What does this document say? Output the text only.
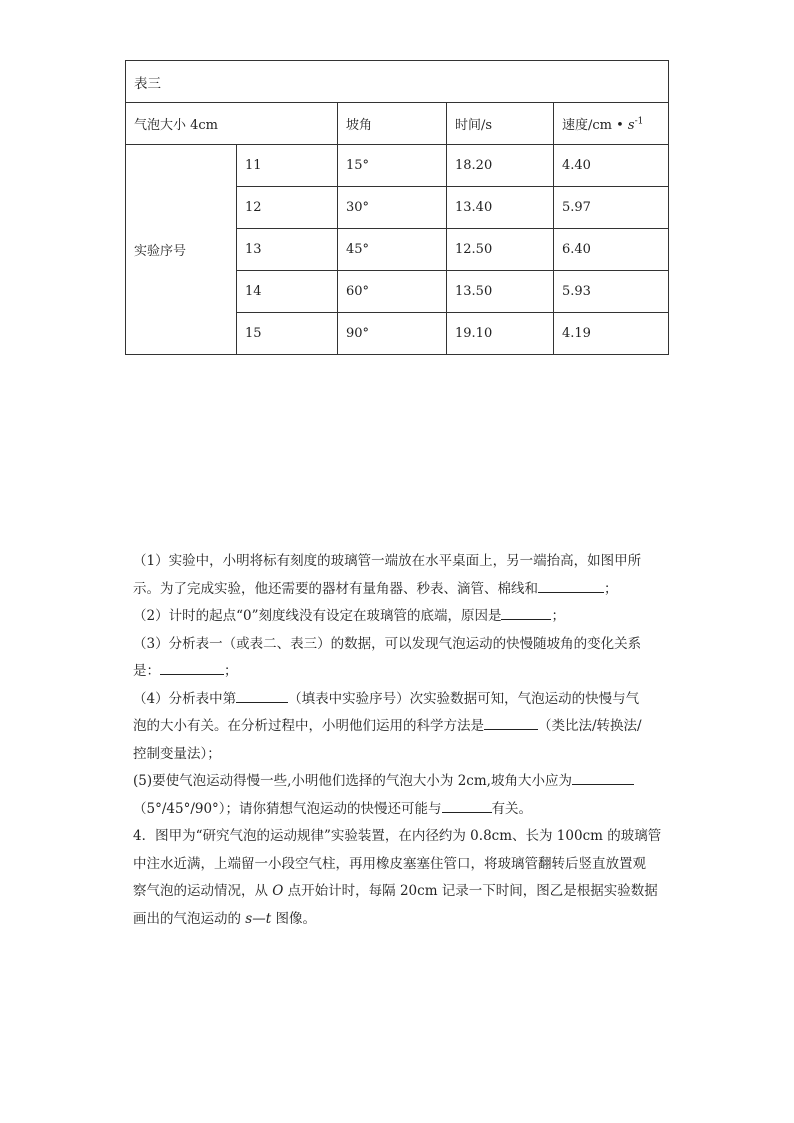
表三				
气泡大小 4cm		坡角	时间/s	速度/cm • $s^{-1}$
实验序号	11	15°	18.20	4.40
	12	30°	13.40	5.97
	13	45°	12.50	6.40
	14	60°	13.50	5.93
	15	90°	19.10	4.19

（1）实验中，小明将标有刻度的玻璃管一端放在水平桌面上，另一端抬高，如图甲所

示。为了完成实验，他还需要的器材有量角器、秒表、滴管、棉线和	；

（2）计时的起点“0”刻度线没有设定在玻璃管的底端，原因是	；

（3）分析表一（或表二、表三）的数据，可以发现气泡运动的快慢随坡角的变化关系

是：	；

（4）分析表中第	（填表中实验序号）次实验数据可知，气泡运动的快慢与气

泡的大小有关。在分析过程中，小明他们运用的科学方法是	（类比法/转换法/

控制变量法）；

(5)要使气泡运动得慢一些,小明他们选择的气泡大小为 2cm,坡角大小应为

（5°/45°/90°）；请你猜想气泡运动的快慢还可能与	有关。

4．图甲为“研究气泡的运动规律”实验装置，在内径约为 0.8cm、长为 100cm 的玻璃管

中注水近满，上端留一小段空气柱，再用橡皮塞塞住管口，将玻璃管翻转后竖直放置观

察气泡的运动情况，从 O 点开始计时，每隔 20cm 记录一下时间，图乙是根据实验数据

画出的气泡运动的 s—t 图像。
